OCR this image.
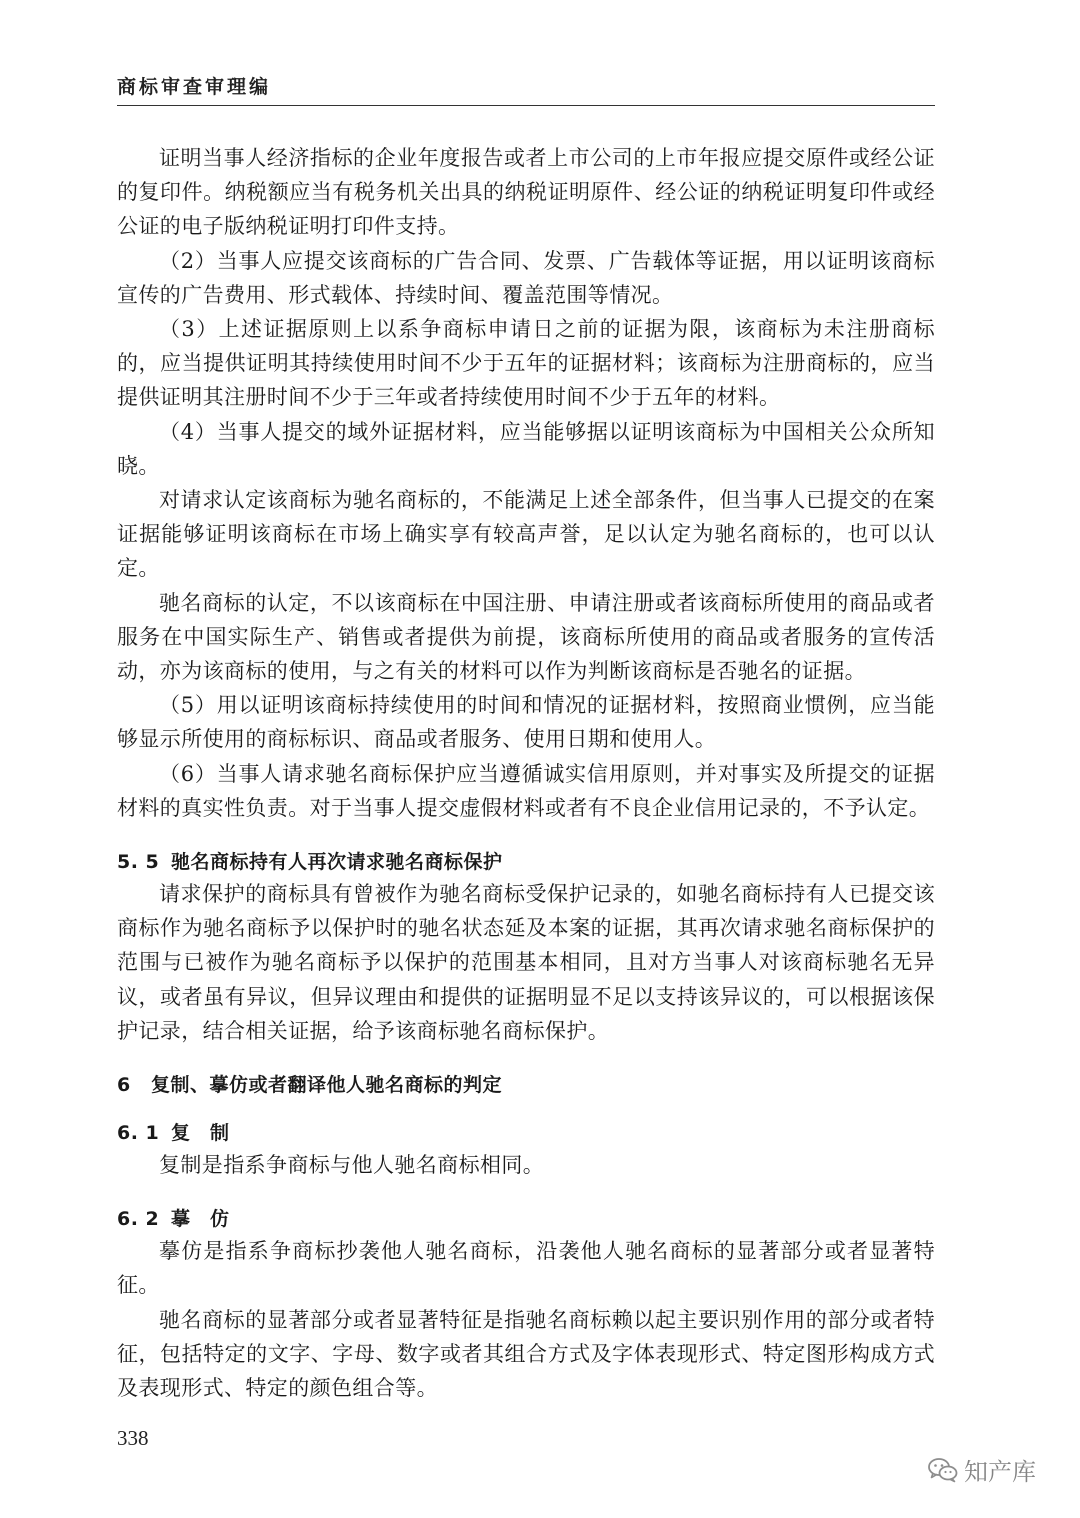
商标审查审理编

证明当事人经济指标的企业年度报告或者上市公司的上市年报应提交原件或经公证的复印件。纳税额应当有税务机关出具的纳税证明原件、经公证的纳税证明复印件或经公证的电子版纳税证明打印件支持。

（2）当事人应提交该商标的广告合同、发票、广告载体等证据，用以证明该商标宣传的广告费用、形式载体、持续时间、覆盖范围等情况。

（3）上述证据原则上以系争商标申请日之前的证据为限，该商标为未注册商标的，应当提供证明其持续使用时间不少于五年的证据材料；该商标为注册商标的，应当提供证明其注册时间不少于三年或者持续使用时间不少于五年的材料。

（4）当事人提交的域外证据材料，应当能够据以证明该商标为中国相关公众所知晓。

对请求认定该商标为驰名商标的，不能满足上述全部条件，但当事人已提交的在案证据能够证明该商标在市场上确实享有较高声誉，足以认定为驰名商标的，也可以认定。

驰名商标的认定，不以该商标在中国注册、申请注册或者该商标所使用的商品或者服务在中国实际生产、销售或者提供为前提，该商标所使用的商品或者服务的宣传活动，亦为该商标的使用，与之有关的材料可以作为判断该商标是否驰名的证据。

（5）用以证明该商标持续使用的时间和情况的证据材料，按照商业惯例，应当能够显示所使用的商标标识、商品或者服务、使用日期和使用人。

（6）当事人请求驰名商标保护应当遵循诚实信用原则，并对事实及所提交的证据材料的真实性负责。对于当事人提交虚假材料或者有不良企业信用记录的，不予认定。

5. 5 驰名商标持有人再次请求驰名商标保护

请求保护的商标具有曾被作为驰名商标受保护记录的，如驰名商标持有人已提交该商标作为驰名商标予以保护时的驰名状态延及本案的证据，其再次请求驰名商标保护的范围与已被作为驰名商标予以保护的范围基本相同，且对方当事人对该商标驰名无异议，或者虽有异议，但异议理由和提供的证据明显不足以支持该异议的，可以根据该保护记录，结合相关证据，给予该商标驰名商标保护。

6 复制、摹仿或者翻译他人驰名商标的判定
6. 1 复　制

复制是指系争商标与他人驰名商标相同。

6. 2 摹　仿

摹仿是指系争商标抄袭他人驰名商标，沿袭他人驰名商标的显著部分或者显著特征。

驰名商标的显著部分或者显著特征是指驰名商标赖以起主要识别作用的部分或者特征，包括特定的文字、字母、数字或者其组合方式及字体表现形式、特定图形构成方式及表现形式、特定的颜色组合等。

338
知产库
